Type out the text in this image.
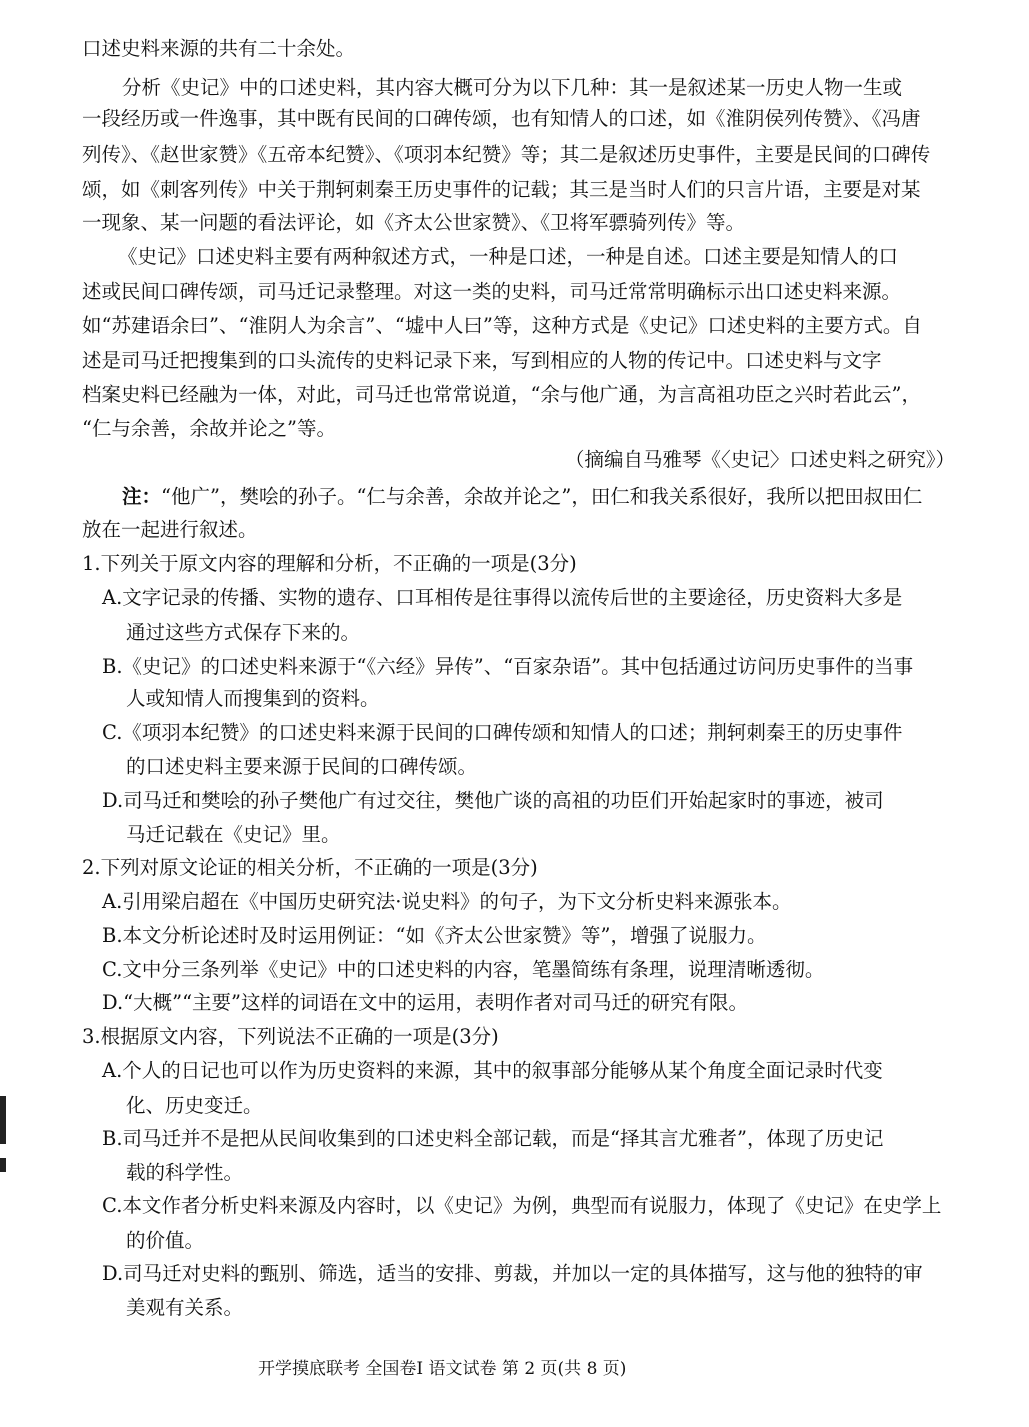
口述史料来源的共有二十余处。
分析《史记》中的口述史料，其内容大概可分为以下几种：其一是叙述某一历史人物一生或
一段经历或一件逸事，其中既有民间的口碑传颂，也有知情人的口述，如《淮阴侯列传赞》、《冯唐
列传》、《赵世家赞》《五帝本纪赞》、《项羽本纪赞》等；其二是叙述历史事件，主要是民间的口碑传
颂，如《刺客列传》中关于荆轲刺秦王历史事件的记载；其三是当时人们的只言片语，主要是对某
一现象、某一问题的看法评论，如《齐太公世家赞》、《卫将军骠骑列传》等。
《史记》口述史料主要有两种叙述方式，一种是口述，一种是自述。口述主要是知情人的口
述或民间口碑传颂，司马迁记录整理。对这一类的史料，司马迁常常明确标示出口述史料来源。
如“苏建语余曰”、“淮阴人为余言”、“墟中人曰”等，这种方式是《史记》口述史料的主要方式。自
述是司马迁把搜集到的口头流传的史料记录下来，写到相应的人物的传记中。口述史料与文字
档案史料已经融为一体，对此，司马迁也常常说道，“余与他广通，为言高祖功臣之兴时若此云”，
“仁与余善，余故并论之”等。
（摘编自马雅琴《〈史记〉口述史料之研究》）
注：“他广”，樊哙的孙子。“仁与余善，余故并论之”，田仁和我关系很好，我所以把田叔田仁
放在一起进行叙述。
1.下列关于原文内容的理解和分析，不正确的一项是(3分)
A.文字记录的传播、实物的遗存、口耳相传是往事得以流传后世的主要途径，历史资料大多是
通过这些方式保存下来的。
B.《史记》的口述史料来源于“《六经》异传”、“百家杂语”。其中包括通过访问历史事件的当事
人或知情人而搜集到的资料。
C.《项羽本纪赞》的口述史料来源于民间的口碑传颂和知情人的口述；荆轲刺秦王的历史事件
的口述史料主要来源于民间的口碑传颂。
D.司马迁和樊哙的孙子樊他广有过交往，樊他广谈的高祖的功臣们开始起家时的事迹，被司
马迁记载在《史记》里。
2.下列对原文论证的相关分析，不正确的一项是(3分)
A.引用梁启超在《中国历史研究法·说史料》的句子，为下文分析史料来源张本。
B.本文分析论述时及时运用例证：“如《齐太公世家赞》等”，增强了说服力。
C.文中分三条列举《史记》中的口述史料的内容，笔墨简练有条理，说理清晰透彻。
D.“大概”“主要”这样的词语在文中的运用，表明作者对司马迁的研究有限。
3.根据原文内容，下列说法不正确的一项是(3分)
A.个人的日记也可以作为历史资料的来源，其中的叙事部分能够从某个角度全面记录时代变
化、历史变迁。
B.司马迁并不是把从民间收集到的口述史料全部记载，而是“择其言尤雅者”，体现了历史记
载的科学性。
C.本文作者分析史料来源及内容时，以《史记》为例，典型而有说服力，体现了《史记》在史学上
的价值。
D.司马迁对史料的甄别、筛选，适当的安排、剪裁，并加以一定的具体描写，这与他的独特的审
美观有关系。
开学摸底联考 全国卷Ⅰ 语文试卷 第 2 页(共 8 页)
